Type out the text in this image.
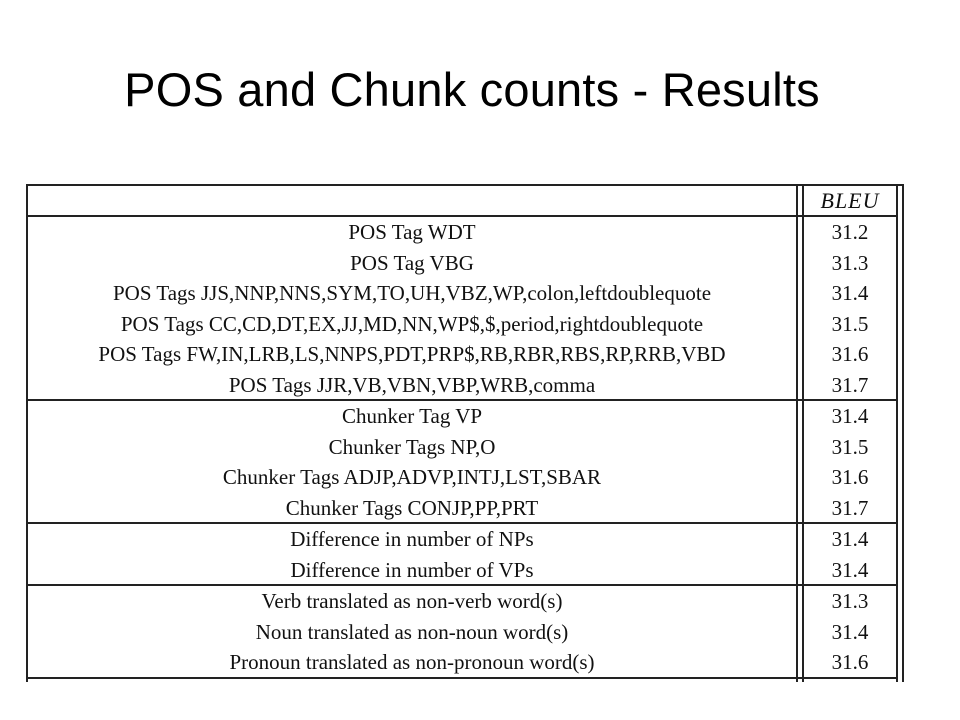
POS and Chunk counts - Results
BLEU
POS Tag WDT	31.2
POS Tag VBG	31.3
POS Tags JJS,NNP,NNS,SYM,TO,UH,VBZ,WP,colon,leftdoublequote	31.4
POS Tags CC,CD,DT,EX,JJ,MD,NN,WP$,$,period,rightdoublequote	31.5
POS Tags FW,IN,LRB,LS,NNPS,PDT,PRP$,RB,RBR,RBS,RP,RRB,VBD	31.6
POS Tags JJR,VB,VBN,VBP,WRB,comma	31.7
Chunker Tag VP	31.4
Chunker Tags NP,O	31.5
Chunker Tags ADJP,ADVP,INTJ,LST,SBAR	31.6
Chunker Tags CONJP,PP,PRT	31.7
Difference in number of NPs	31.4
Difference in number of VPs	31.4
Verb translated as non-verb word(s)	31.3
Noun translated as non-noun word(s)	31.4
Pronoun translated as non-pronoun word(s)	31.6
